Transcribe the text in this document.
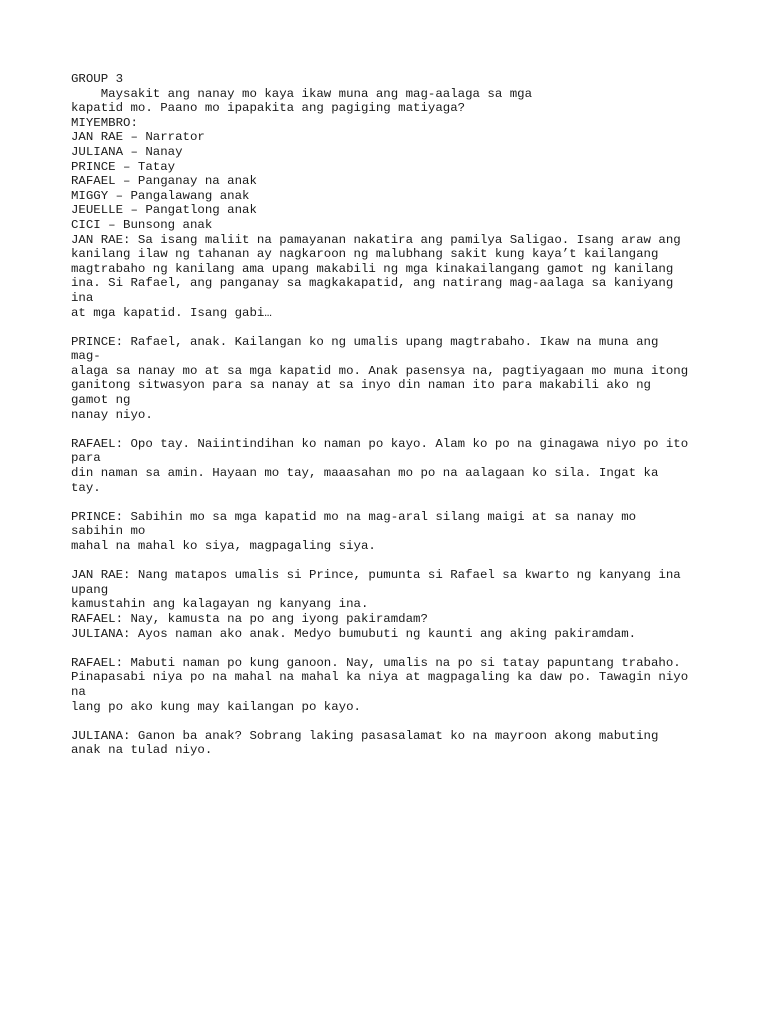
GROUP 3
Maysakit ang nanay mo kaya ikaw muna ang mag-aalaga sa mga
kapatid mo. Paano mo ipapakita ang pagiging matiyaga?
MIYEMBRO:
JAN RAE – Narrator
JULIANA – Nanay
PRINCE – Tatay
RAFAEL – Panganay na anak
MIGGY – Pangalawang anak
JEUELLE – Pangatlong anak
CICI – Bunsong anak
JAN RAE: Sa isang maliit na pamayanan nakatira ang pamilya Saligao. Isang araw ang
kanilang ilaw ng tahanan ay nagkaroon ng malubhang sakit kung kaya’t kailangang
magtrabaho ng kanilang ama upang makabili ng mga kinakailangang gamot ng kanilang
ina. Si Rafael, ang panganay sa magkakapatid, ang natirang mag-aalaga sa kaniyang
ina
at mga kapatid. Isang gabi…
PRINCE: Rafael, anak. Kailangan ko ng umalis upang magtrabaho. Ikaw na muna ang
mag-
alaga sa nanay mo at sa mga kapatid mo. Anak pasensya na, pagtiyagaan mo muna itong
ganitong sitwasyon para sa nanay at sa inyo din naman ito para makabili ako ng
gamot ng
nanay niyo.
RAFAEL: Opo tay. Naiintindihan ko naman po kayo. Alam ko po na ginagawa niyo po ito
para
din naman sa amin. Hayaan mo tay, maaasahan mo po na aalagaan ko sila. Ingat ka
tay.
PRINCE: Sabihin mo sa mga kapatid mo na mag-aral silang maigi at sa nanay mo
sabihin mo
mahal na mahal ko siya, magpagaling siya.
JAN RAE: Nang matapos umalis si Prince, pumunta si Rafael sa kwarto ng kanyang ina
upang
kamustahin ang kalagayan ng kanyang ina.
RAFAEL: Nay, kamusta na po ang iyong pakiramdam?
JULIANA: Ayos naman ako anak. Medyo bumubuti ng kaunti ang aking pakiramdam.
RAFAEL: Mabuti naman po kung ganoon. Nay, umalis na po si tatay papuntang trabaho.
Pinapasabi niya po na mahal na mahal ka niya at magpagaling ka daw po. Tawagin niyo
na
lang po ako kung may kailangan po kayo.
JULIANA: Ganon ba anak? Sobrang laking pasasalamat ko na mayroon akong mabuting
anak na tulad niyo.
